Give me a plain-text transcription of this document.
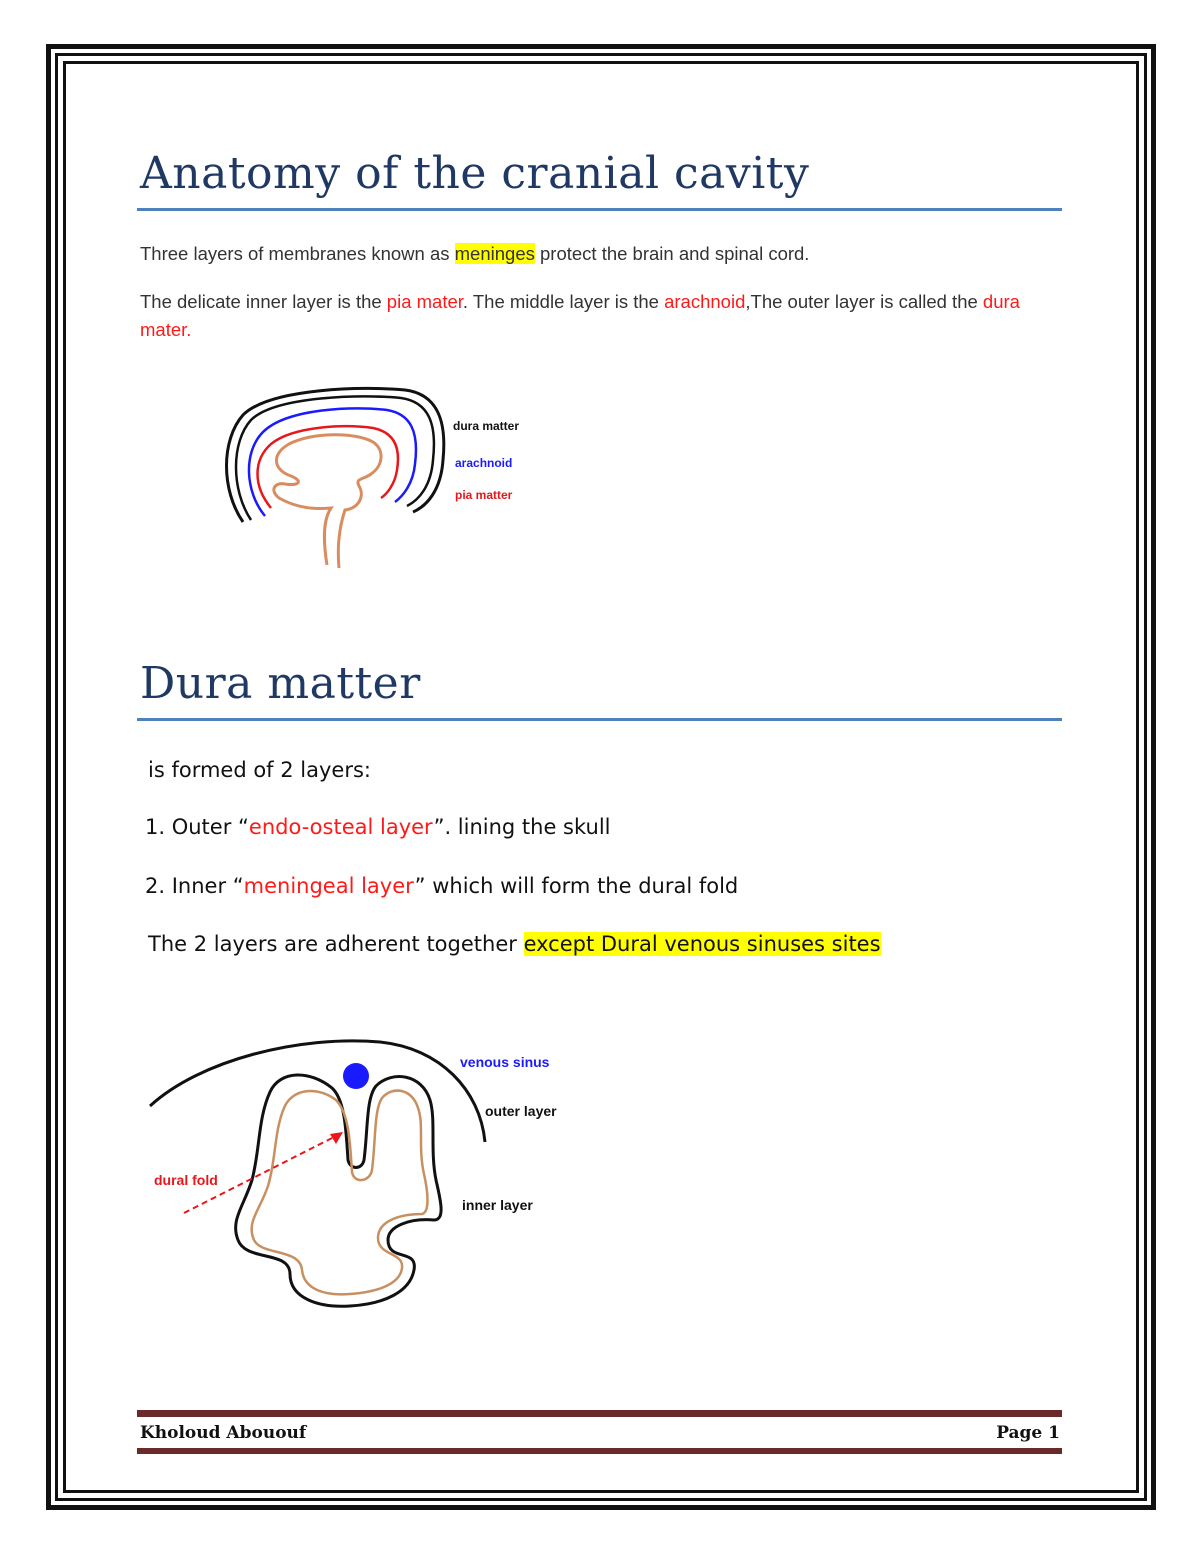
Anatomy of the cranial cavity
Three layers of membranes known as meninges protect the brain and spinal cord.
The delicate inner layer is the pia mater. The middle layer is the arachnoid,The outer layer is called the dura mater.
dura matter
arachnoid
pia matter
Dura matter
is formed of 2 layers:
1. Outer “endo-osteal layer”. lining the skull
2. Inner “meningeal layer” which will form the dural fold
The 2 layers are adherent together except Dural venous sinuses sites
venous sinus
outer layer
inner layer
dural fold
Kholoud Abououf	Page 1
